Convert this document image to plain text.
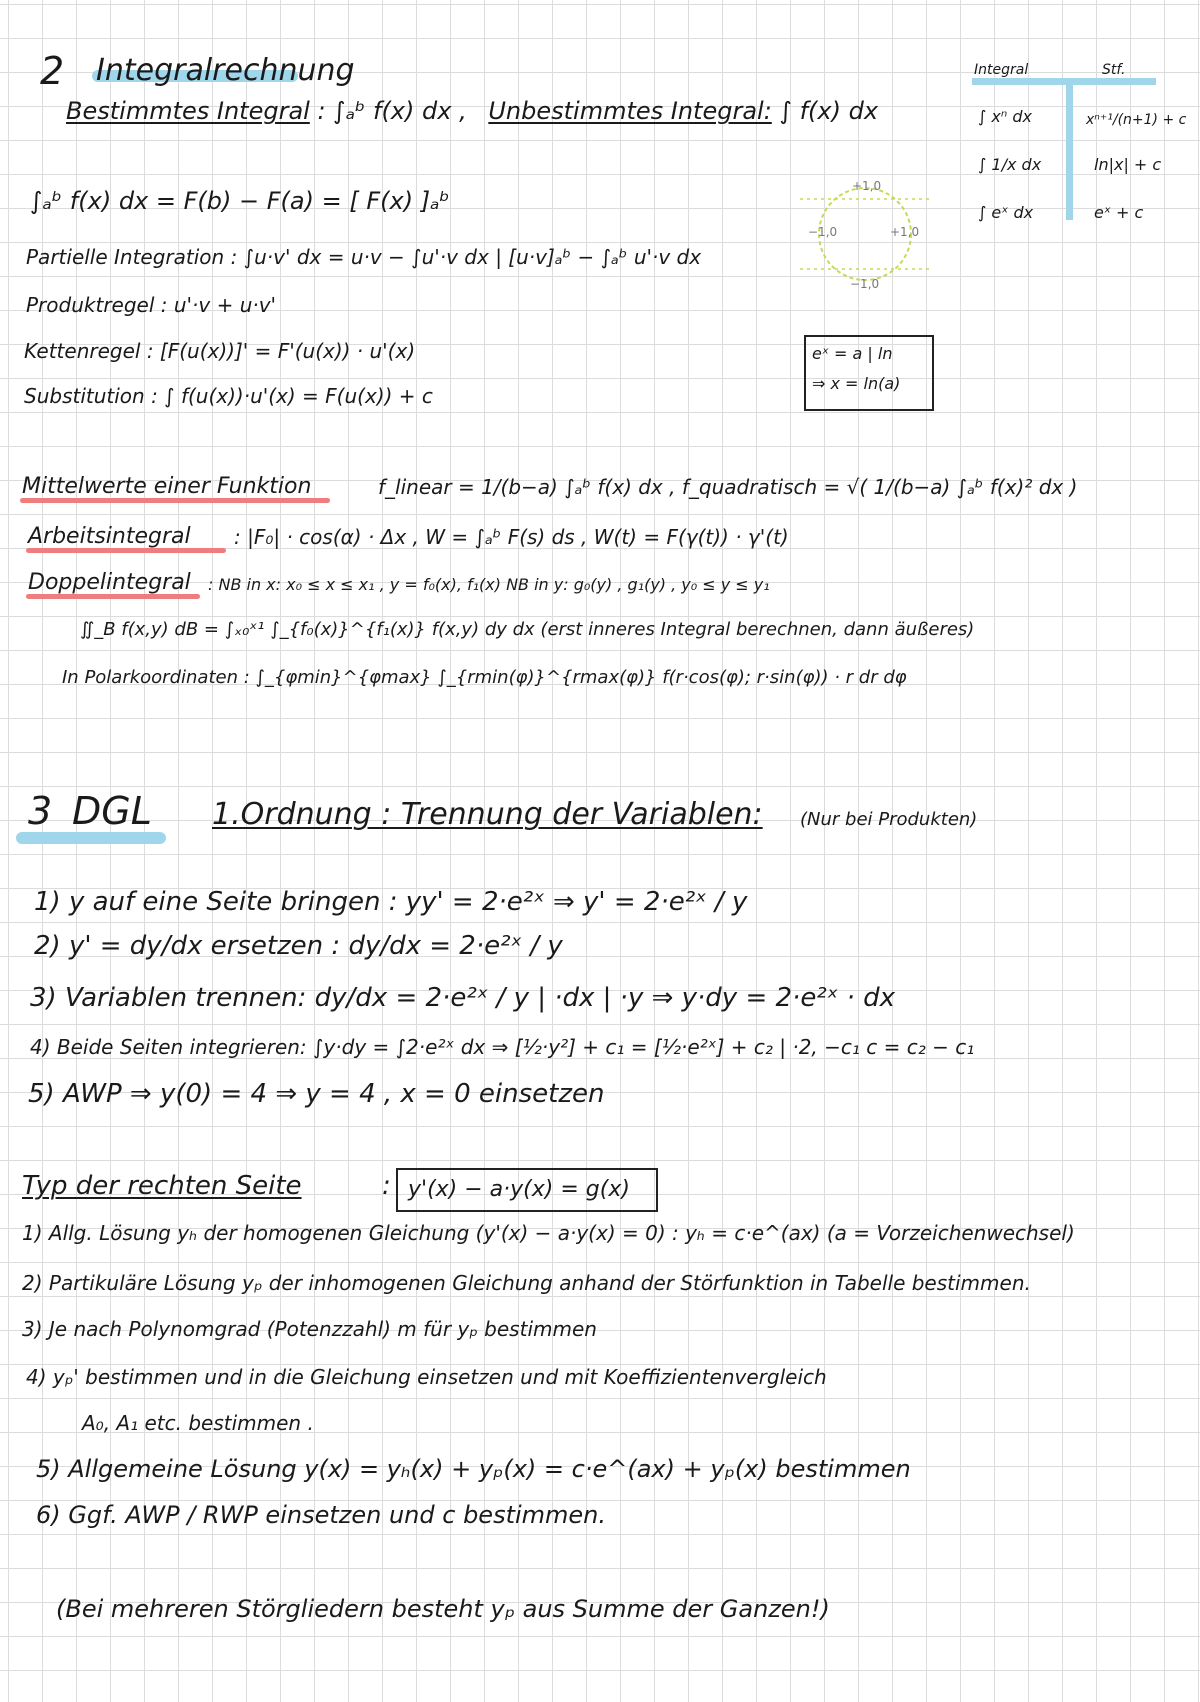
2 Integralrechnung
Bestimmtes Integral : ∫ₐᵇ f(x) dx , Unbestimmtes Integral: ∫ f(x) dx
∫ₐᵇ f(x) dx = F(b) − F(a) = [ F(x) ]ₐᵇ
Partielle Integration : ∫u·v' dx = u·v − ∫u'·v dx | [u·v]ₐᵇ − ∫ₐᵇ u'·v dx
Produktregel : u'·v + u·v'
Kettenregel : [F(u(x))]' = F'(u(x)) · u'(x)
Substitution : ∫ f(u(x))·u'(x) = F(u(x)) + c
Integral	Stf.
∫ xⁿ dx	xⁿ⁺¹/(n+1) + c
∫ 1/x dx	ln|x| + c
∫ eˣ dx	eˣ + c
+1,0
−1,0
−1,0	+1,0
eˣ = a | ln
⇒ x = ln(a)
Mittelwerte einer Funktion	f_linear = 1/(b−a) ∫ₐᵇ f(x) dx , f_quadratisch = √( 1/(b−a) ∫ₐᵇ f(x)² dx )
Arbeitsintegral : |F₀| · cos(α) · Δx , W = ∫ₐᵇ F(s) ds , W(t) = F(γ(t)) · γ'(t)
Doppelintegral : NB in x: x₀ ≤ x ≤ x₁ , y = f₀(x), f₁(x) NB in y: g₀(y) , g₁(y) , y₀ ≤ y ≤ y₁
∬_B f(x,y) dB = ∫ₓ₀ˣ¹ ∫_{f₀(x)}^{f₁(x)} f(x,y) dy dx (erst inneres Integral berechnen, dann äußeres)
In Polarkoordinaten : ∫_{φmin}^{φmax} ∫_{rmin(φ)}^{rmax(φ)} f(r·cos(φ); r·sin(φ)) · r dr dφ
3 DGL 1.Ordnung : Trennung der Variablen: (Nur bei Produkten)
1) y auf eine Seite bringen : yy' = 2·e²ˣ ⇒ y' = 2·e²ˣ / y
2) y' = dy/dx ersetzen : dy/dx = 2·e²ˣ / y
3) Variablen trennen: dy/dx = 2·e²ˣ / y | ·dx | ·y ⇒ y·dy = 2·e²ˣ · dx
4) Beide Seiten integrieren: ∫y·dy = ∫2·e²ˣ dx ⇒ [½·y²] + c₁ = [½·e²ˣ] + c₂ | ·2, −c₁ c = c₂ − c₁
5) AWP ⇒ y(0) = 4 ⇒ y = 4 , x = 0 einsetzen
Typ der rechten Seite	: y'(x) − a·y(x) = g(x)
1) Allg. Lösung yₕ der homogenen Gleichung (y'(x) − a·y(x) = 0) : yₕ = c·e^(ax) (a = Vorzeichenwechsel)
2) Partikuläre Lösung yₚ der inhomogenen Gleichung anhand der Störfunktion in Tabelle bestimmen.
3) Je nach Polynomgrad (Potenzzahl) m für yₚ bestimmen
4) yₚ' bestimmen und in die Gleichung einsetzen und mit Koeffizientenvergleich
A₀, A₁ etc. bestimmen .
5) Allgemeine Lösung y(x) = yₕ(x) + yₚ(x) = c·e^(ax) + yₚ(x) bestimmen
6) Ggf. AWP / RWP einsetzen und c bestimmen.
(Bei mehreren Störgliedern besteht yₚ aus Summe der Ganzen!)
